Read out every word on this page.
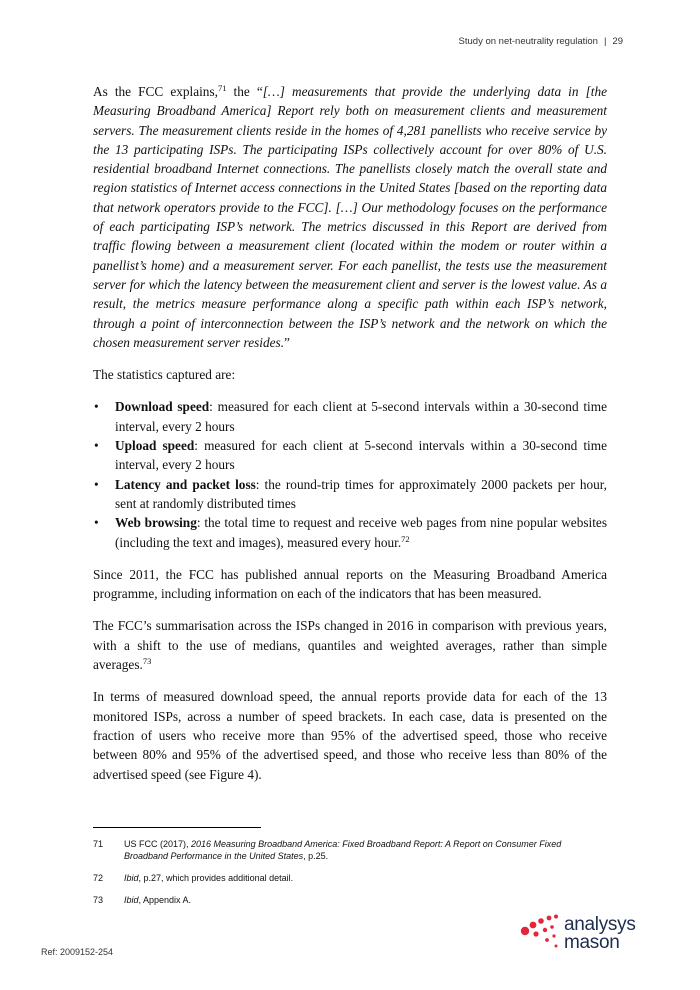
Study on net-neutrality regulation | 29

As the FCC explains,$^{71}$ the “[…] measurements that provide the underlying data in [the Measuring Broadband America] Report rely both on measurement clients and measurement servers. The measurement clients reside in the homes of 4,281 panellists who receive service by the 13 participating ISPs. The participating ISPs collectively account for over 80% of U.S. residential broadband Internet connections. The panellists closely match the overall state and region statistics of Internet access connections in the United States [based on the reporting data that network operators provide to the FCC]. […] Our methodology focuses on the performance of each participating ISP’s network. The metrics discussed in this Report are derived from traffic flowing between a measurement client (located within the modem or router within a panellist’s home) and a measurement server. For each panellist, the tests use the measurement server for which the latency between the measurement client and server is the lowest value. As a result, the metrics measure performance along a specific path within each ISP’s network, through a point of interconnection between the ISP’s network and the network on which the chosen measurement server resides.”

The statistics captured are:

• Download speed: measured for each client at 5-second intervals within a 30-second time interval, every 2 hours
• Upload speed: measured for each client at 5-second intervals within a 30-second time interval, every 2 hours
• Latency and packet loss: the round-trip times for approximately 2000 packets per hour, sent at randomly distributed times
• Web browsing: the total time to request and receive web pages from nine popular websites (including the text and images), measured every hour.$^{72}$

Since 2011, the FCC has published annual reports on the Measuring Broadband America programme, including information on each of the indicators that has been measured.

The FCC’s summarisation across the ISPs changed in 2016 in comparison with previous years, with a shift to the use of medians, quantiles and weighted averages, rather than simple averages.$^{73}$

In terms of measured download speed, the annual reports provide data for each of the 13 monitored ISPs, across a number of speed brackets. In each case, data is presented on the fraction of users who receive more than 95% of the advertised speed, those who receive between 80% and 95% of the advertised speed, and those who receive less than 80% of the advertised speed (see Figure 4).

71 US FCC (2017), 2016 Measuring Broadband America: Fixed Broadband Report: A Report on Consumer Fixed Broadband Performance in the United States, p.25.
72 Ibid, p.27, which provides additional detail.
73 Ibid, Appendix A.
Ref: 2009152-254
analysys
mason
